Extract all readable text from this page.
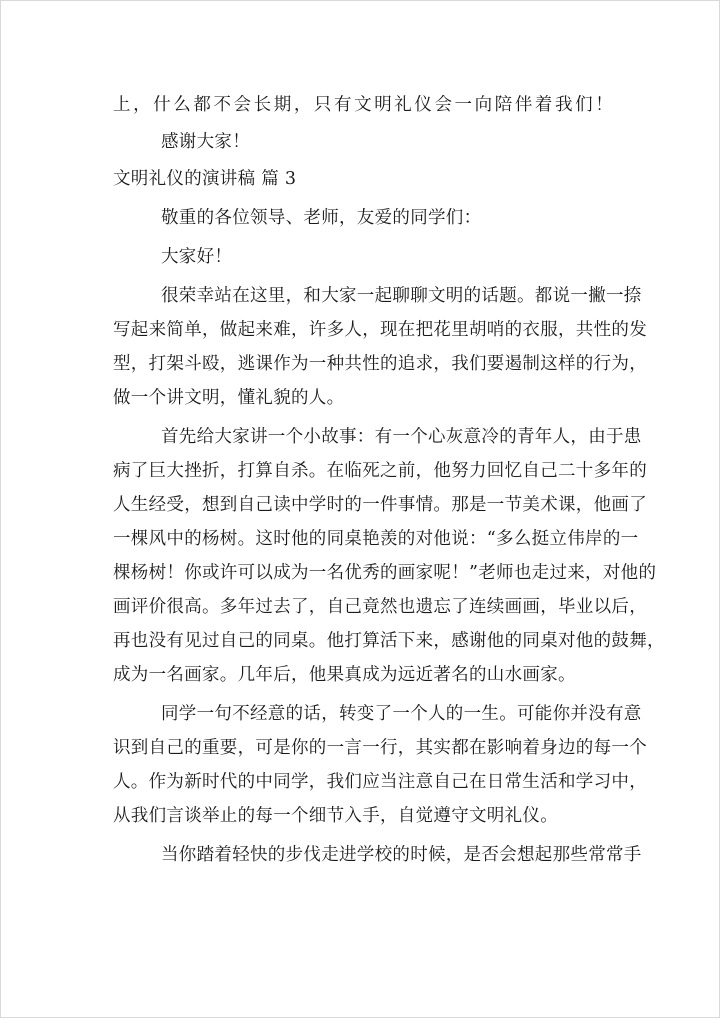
上，什么都不会长期，只有文明礼仪会一向陪伴着我们！
感谢大家！
文明礼仪的演讲稿 篇 3
敬重的各位领导、老师，友爱的同学们：
大家好！
很荣幸站在这里，和大家一起聊聊文明的话题。都说一撇一捺
写起来简单，做起来难，许多人，现在把花里胡哨的衣服，共性的发
型，打架斗殴，逃课作为一种共性的追求，我们要遏制这样的行为，
做一个讲文明，懂礼貌的人。
首先给大家讲一个小故事：有一个心灰意冷的青年人，由于患
病了巨大挫折，打算自杀。在临死之前，他努力回忆自己二十多年的
人生经受，想到自己读中学时的一件事情。那是一节美术课，他画了
一棵风中的杨树。这时他的同桌艳羡的对他说：“多么挺立伟岸的一
棵杨树！你或许可以成为一名优秀的画家呢！”老师也走过来，对他的
画评价很高。多年过去了，自己竟然也遗忘了连续画画，毕业以后，
再也没有见过自己的同桌。他打算活下来，感谢他的同桌对他的鼓舞，
成为一名画家。几年后，他果真成为远近著名的山水画家。
同学一句不经意的话，转变了一个人的一生。可能你并没有意
识到自己的重要，可是你的一言一行，其实都在影响着身边的每一个
人。作为新时代的中同学，我们应当注意自己在日常生活和学习中，
从我们言谈举止的每一个细节入手，自觉遵守文明礼仪。
当你踏着轻快的步伐走进学校的时候，是否会想起那些常常手
